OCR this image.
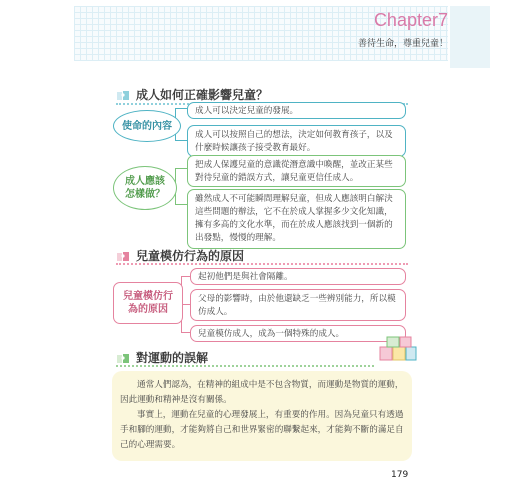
Chapter7
善待生命，尊重兒童！
成人如何正確影響兒童？
使命的內容
成人可以決定兒童的發展。
成人可以按照自己的想法，決定如何教育孩子，以及什麼時候讓孩子接受教育最好。
成人應該
怎樣做？
把成人保護兒童的意識從潛意識中喚醒，並改正某些對待兒童的錯誤方式，讓兒童更信任成人。
雖然成人不可能瞬間理解兒童，但成人應該明白解決這些問題的辦法，它不在於成人掌握多少文化知識，擁有多高的文化水準，而在於成人應該找到一個新的出發點，慢慢的理解。
兒童模仿行為的原因
兒童模仿行
為的原因
起初他們是與社會隔離。
父母的影響時，由於他還缺乏一些辨別能力，所以模仿成人。
兒童模仿成人，成為一個特殊的成人。
對運動的誤解

通常人們認為，在精神的組成中是不包含物質，而運動是物質的運動，因此運動和精神是沒有關係。

事實上，運動在兒童的心理發展上，有重要的作用。因為兒童只有透過手和腳的運動，才能夠將自己和世界緊密的聯繫起來，才能夠不斷的滿足自己的心理需要。

179
